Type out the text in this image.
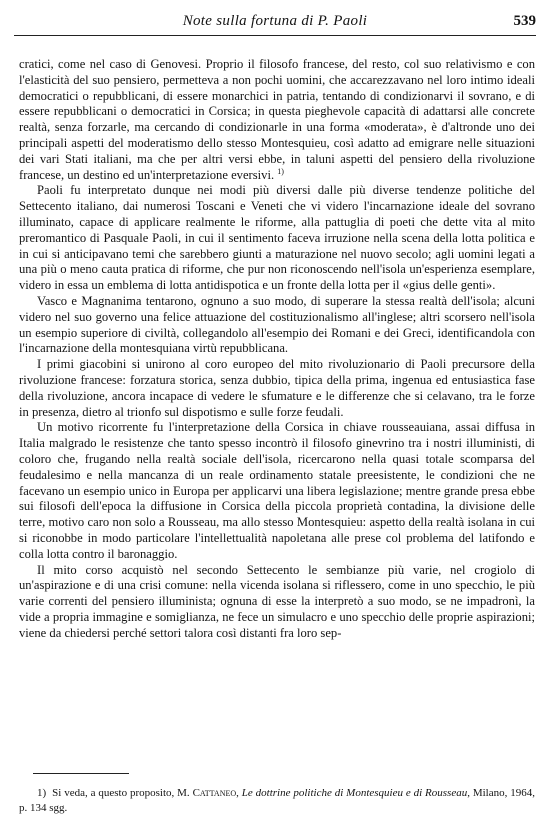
Note sulla fortuna di P. Paoli	539

cratici, come nel caso di Genovesi. Proprio il filosofo francese, del resto, col suo relativismo e con l'elasticità del suo pensiero, permetteva a non pochi uomini, che accarezzavano nel loro intimo ideali democratici o repubblicani, di essere monarchici in patria, tentando di condizionarvi il sovrano, e di essere repubblicani o democratici in Corsica; in questa pieghevole capacità di adattarsi alle concrete realtà, senza forzarle, ma cercando di condizionarle in una forma «moderata», è d'altronde uno dei principali aspetti del moderatismo dello stesso Montesquieu, così adatto ad emigrare nelle situazioni dei vari Stati italiani, ma che per altri versi ebbe, in taluni aspetti del pensiero della rivoluzione francese, un destino ed un'interpretazione eversivi. $^{1)}$

Paoli fu interpretato dunque nei modi più diversi dalle più diverse tendenze politiche del Settecento italiano, dai numerosi Toscani e Veneti che vi videro l'incarnazione ideale del sovrano illuminato, capace di applicare realmente le riforme, alla pattuglia di poeti che dette vita al mito preromantico di Pasquale Paoli, in cui il sentimento faceva irruzione nella scena della lotta politica e in cui si anticipavano temi che sarebbero giunti a maturazione nel nuovo secolo; agli uomini legati a una più o meno cauta pratica di riforme, che pur non riconoscendo nell'isola un'esperienza esemplare, videro in essa un emblema di lotta antidispotica e un fronte della lotta per il «gius delle genti».

Vasco e Magnanima tentarono, ognuno a suo modo, di superare la stessa realtà dell'isola; alcuni videro nel suo governo una felice attuazione del costituzionalismo all'inglese; altri scorsero nell'isola un esempio superiore di civiltà, collegandolo all'esempio dei Romani e dei Greci, identificandola con l'incarnazione della montesquiana virtù repubblicana.

I primi giacobini si unirono al coro europeo del mito rivoluzionario di Paoli precursore della rivoluzione francese: forzatura storica, senza dubbio, tipica della prima, ingenua ed entusiastica fase della rivoluzione, ancora incapace di vedere le sfumature e le differenze che si celavano, tra le forze in presenza, dietro al trionfo sul dispotismo e sulle forze feudali.

Un motivo ricorrente fu l'interpretazione della Corsica in chiave rousseauiana, assai diffusa in Italia malgrado le resistenze che tanto spesso incontrò il filosofo ginevrino tra i nostri illuministi, di coloro che, frugando nella realtà sociale dell'isola, ricercarono nella quasi totale scomparsa del feudalesimo e nella mancanza di un reale ordinamento statale preesistente, le condizioni che ne facevano un esempio unico in Europa per applicarvi una libera legislazione; mentre grande presa ebbe sui filosofi dell'epoca la diffusione in Corsica della piccola proprietà contadina, la divisione delle terre, motivo caro non solo a Rousseau, ma allo stesso Montesquieu: aspetto della realtà isolana in cui si riconobbe in modo particolare l'intellettualità napoletana alle prese col problema del latifondo e colla lotta contro il baronaggio.

Il mito corso acquistò nel secondo Settecento le sembianze più varie, nel crogiolo di un'aspirazione e di una crisi comune: nella vicenda isolana si riflessero, come in uno specchio, le più varie correnti del pensiero illuminista; ognuna di esse la interpretò a suo modo, se ne impadronì, la vide a propria immagine e somiglianza, ne fece un simulacro e uno specchio delle proprie aspirazioni; viene da chiedersi perché settori talora così distanti fra loro sep-

1) Si veda, a questo proposito, M. Cattaneo, Le dottrine politiche di Montesquieu e di Rousseau, Milano, 1964, p. 134 sgg.
